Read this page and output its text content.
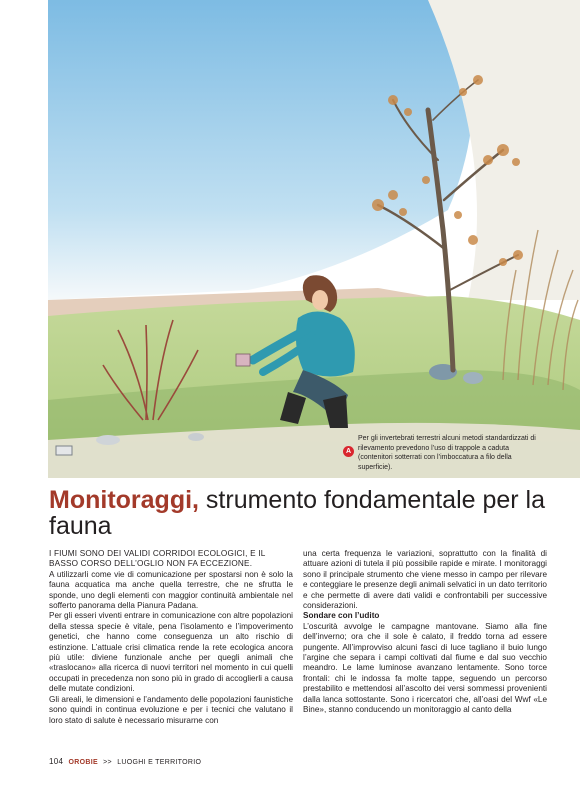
A
Per gli invertebrati terrestri alcuni metodi standardizzati di rilevamento prevedono l’uso di trappole a caduta (contenitori sotterrati con l’imboccatura a filo della superficie).
Monitoraggi, strumento fondamentale per la fauna

I FIUMI SONO DEI VALIDI CORRIDOI ECOLOGICI, E IL BASSO CORSO DELL’OGLIO NON FA ECCEZIONE.

A utilizzarli come vie di comunicazione per spostarsi non è solo la fauna acquatica ma anche quella terrestre, che ne sfrutta le sponde, uno degli elementi con maggior continuità ambientale nel sofferto panorama della Pianura Padana.

Per gli esseri viventi entrare in comunicazione con altre popolazioni della stessa specie è vitale, pena l’isolamento e l’impoverimento genetici, che hanno come conseguenza un alto rischio di estinzione. L’attuale crisi climatica rende la rete ecologica ancora più utile: diviene funzionale anche per quegli animali che «traslocano» alla ricerca di nuovi territori nel momento in cui quelli occupati in precedenza non sono più in grado di accoglierli a causa delle mutate condizioni.

Gli areali, le dimensioni e l’andamento delle popolazioni faunistiche sono quindi in continua evoluzione e per i tecnici che valutano il loro stato di salute è necessario misurarne con

una certa frequenza le variazioni, soprattutto con la finalità di attuare azioni di tutela il più possibile rapide e mirate. I monitoraggi sono il principale strumento che viene messo in campo per rilevare e conteggiare le presenze degli animali selvatici in un dato territorio e che permette di avere dati validi e confrontabili per successive considerazioni.

Sondare con l’udito

L’oscurità avvolge le campagne mantovane. Siamo alla fine dell’inverno; ora che il sole è calato, il freddo torna ad essere pungente. All’improvviso alcuni fasci di luce tagliano il buio lungo l’argine che separa i campi coltivati dal fiume e dal suo vecchio meandro. Le lame luminose avanzano lentamente. Sono torce frontali: chi le indossa fa molte tappe, seguendo un percorso prestabilito e mettendosi all’ascolto dei versi sommessi provenienti dalla lanca sottostante. Sono i ricercatori che, all’oasi del Wwf «Le Bine», stanno conducendo un monitoraggio al canto della

104 OROBIE >> LUOGHI E TERRITORIO
